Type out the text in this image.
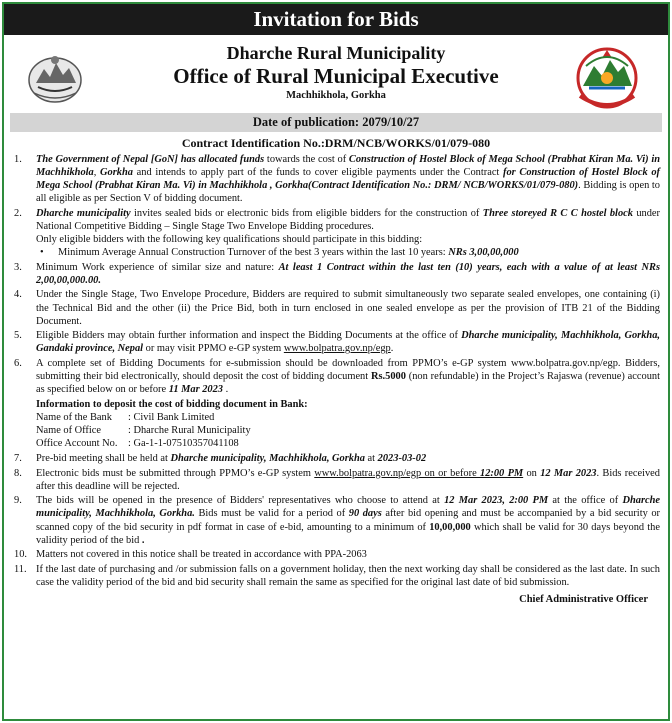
Invitation for Bids
Dharche Rural Municipality
Office of Rural Municipal Executive
Machhikhola, Gorkha
Date of publication: 2079/10/27
Contract Identification No.:DRM/NCB/WORKS/01/079-080
1.	The Government of Nepal [GoN] has allocated funds towards the cost of Construction of Hostel Block of Mega School (Prabhat Kiran Ma. Vi) in Machhikhola, Gorkha and intends to apply part of the funds to cover eligible payments under the Contract for Construction of Hostel Block of Mega School (Prabhat Kiran Ma. Vi) in Machhikhola , Gorkha(Contract Identification No.: DRM/ NCB/WORKS/01/079-080). Bidding is open to all eligible as per Section V of bidding document.
2.	Dharche municipality invites sealed bids or electronic bids from eligible bidders for the construction of Three storeyed R C C hostel block under National Competitive Bidding – Single Stage Two Envelope Bidding procedures.
Only eligible bidders with the following key qualifications should participate in this bidding:
•	Minimum Average Annual Construction Turnover of the best 3 years within the last 10 years: NRs 3,00,00,000
3.	Minimum Work experience of similar size and nature: At least 1 Contract within the last ten (10) years, each with a value of at least NRs 2,00,00,000.00.
4.	Under the Single Stage, Two Envelope Procedure, Bidders are required to submit simultaneously two separate sealed envelopes, one containing (i) the Technical Bid and the other (ii) the Price Bid, both in turn enclosed in one sealed envelope as per the provision of ITB 21 of the Bidding Document.
5.	Eligible Bidders may obtain further information and inspect the Bidding Documents at the office of Dharche municipality, Machhikhola, Gorkha, Gandaki province, Nepal or may visit PPMO e-GP system www.bolpatra.gov.np/egp.
6.	A complete set of Bidding Documents for e-submission should be downloaded from PPMO’s e-GP system www.bolpatra.gov.np/egp. Bidders, submitting their bid electronically, should deposit the cost of bidding document Rs.5000 (non refundable) in the Project’s Rajaswa (revenue) account as specified below on or before 11 Mar 2023 .
Information to deposit the cost of bidding document in Bank:
Name of the Bank	: Civil Bank Limited
Name of Office	: Dharche Rural Municipality
Office Account No.	: Ga-1-1-07510357041108
7.	Pre-bid meeting shall be held at Dharche municipality, Machhikhola, Gorkha at 2023-03-02
8.	Electronic bids must be submitted through PPMO’s e-GP system www.bolpatra.gov.np/egp on or before 12:00 PM on 12 Mar 2023. Bids received after this deadline will be rejected.
9.	The bids will be opened in the presence of Bidders' representatives who choose to attend at 12 Mar 2023, 2:00 PM at the office of Dharche municipality, Machhikhola, Gorkha. Bids must be valid for a period of 90 days after bid opening and must be accompanied by a bid security or scanned copy of the bid security in pdf format in case of e-bid, amounting to a minimum of 10,00,000 which shall be valid for 30 days beyond the validity period of the bid .
10. Matters not covered in this notice shall be treated in accordance with PPA-2063
11. If the last date of purchasing and /or submission falls on a government holiday, then the next working day shall be considered as the last date. In such case the validity period of the bid and bid security shall remain the same as specified for the original last date of bid submission.
Chief Administrative Officer
